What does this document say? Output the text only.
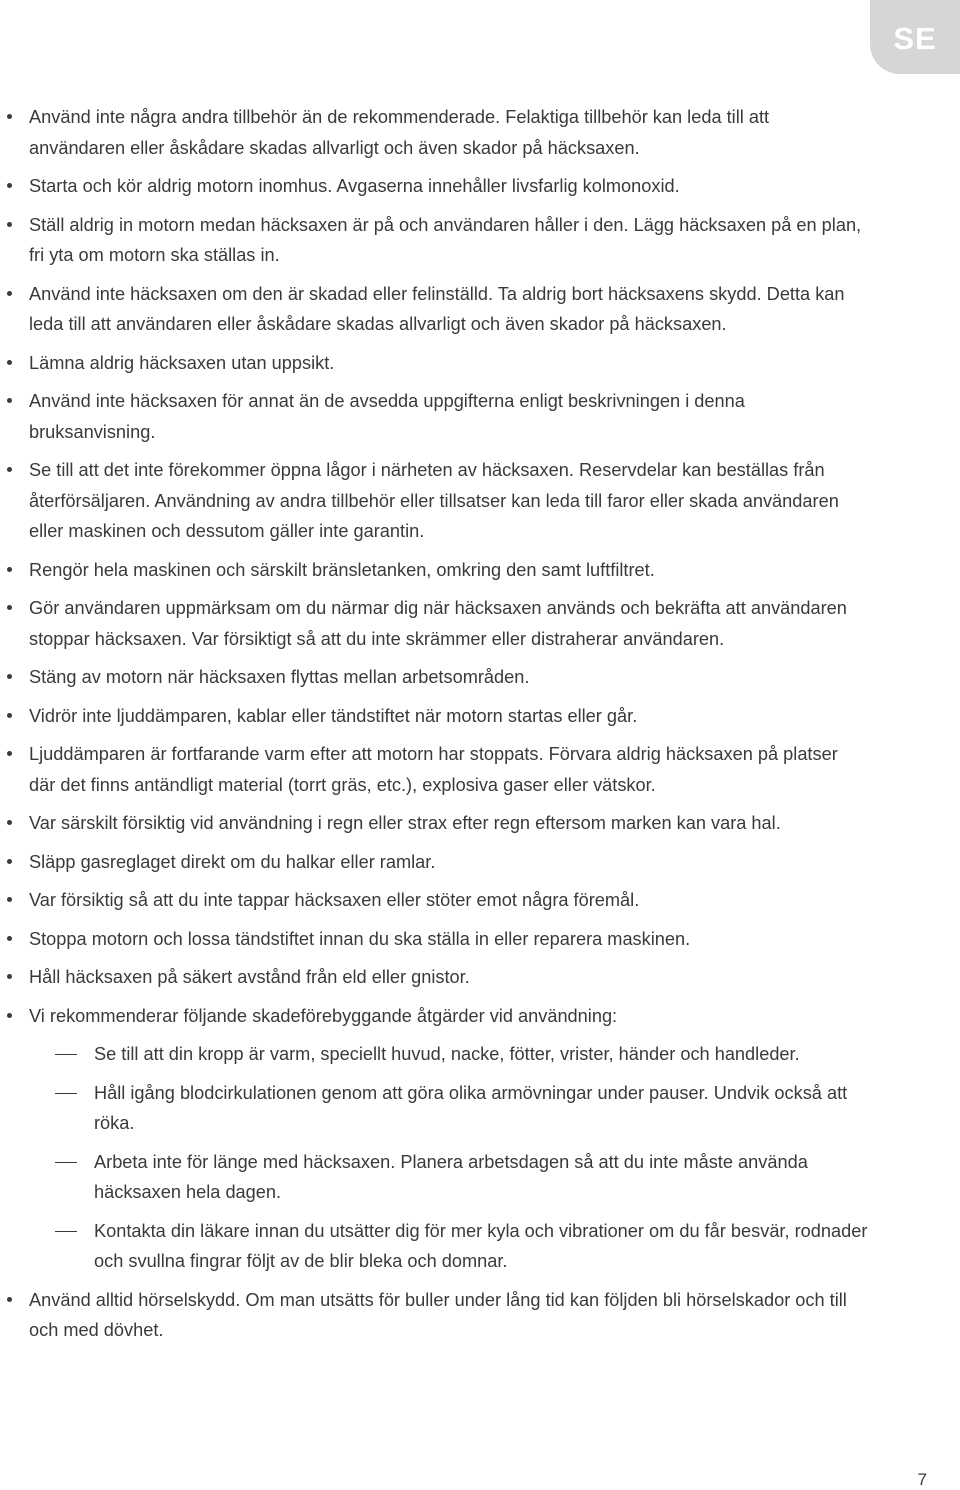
SE
Använd inte några andra tillbehör än de rekommenderade. Felaktiga tillbehör kan leda till att användaren eller åskådare skadas allvarligt och även skador på häcksaxen.
Starta och kör aldrig motorn inomhus. Avgaserna innehåller livsfarlig kolmonoxid.
Ställ aldrig in motorn medan häcksaxen är på och användaren håller i den. Lägg häcksaxen på en plan, fri yta om motorn ska ställas in.
Använd inte häcksaxen om den är skadad eller felinställd. Ta aldrig bort häcksaxens skydd. Detta kan leda till att användaren eller åskådare skadas allvarligt och även skador på häcksaxen.
Lämna aldrig häcksaxen utan uppsikt.
Använd inte häcksaxen för annat än de avsedda uppgifterna enligt beskrivningen i denna bruksanvisning.
Se till att det inte förekommer öppna lågor i närheten av häcksaxen. Reservdelar kan beställas från återförsäljaren. Användning av andra tillbehör eller tillsatser kan leda till faror eller skada användaren eller maskinen och dessutom gäller inte garantin.
Rengör hela maskinen och särskilt bränsletanken, omkring den samt luftfiltret.
Gör användaren uppmärksam om du närmar dig när häcksaxen används och bekräfta att användaren stoppar häcksaxen. Var försiktigt så att du inte skrämmer eller distraherar användaren.
Stäng av motorn när häcksaxen flyttas mellan arbetsområden.
Vidrör inte ljuddämparen, kablar eller tändstiftet när motorn startas eller går.
Ljuddämparen är fortfarande varm efter att motorn har stoppats. Förvara aldrig häcksaxen på platser där det finns antändligt material (torrt gräs, etc.), explosiva gaser eller vätskor.
Var särskilt försiktig vid användning i regn eller strax efter regn eftersom marken kan vara hal.
Släpp gasreglaget direkt om du halkar eller ramlar.
Var försiktig så att du inte tappar häcksaxen eller stöter emot några föremål.
Stoppa motorn och lossa tändstiftet innan du ska ställa in eller reparera maskinen.
Håll häcksaxen på säkert avstånd från eld eller gnistor.
Vi rekommenderar följande skadeförebyggande åtgärder vid användning:
Se till att din kropp är varm, speciellt huvud, nacke, fötter, vrister, händer och handleder.
Håll igång blodcirkulationen genom att göra olika armövningar under pauser. Undvik också att röka.
Arbeta inte för länge med häcksaxen. Planera arbetsdagen så att du inte måste använda häcksaxen hela dagen.
Kontakta din läkare innan du utsätter dig för mer kyla och vibrationer om du får besvär, rodnader och svullna fingrar följt av de blir bleka och domnar.
Använd alltid hörselskydd. Om man utsätts för buller under lång tid kan följden bli hörselskador och till och med dövhet.
7
